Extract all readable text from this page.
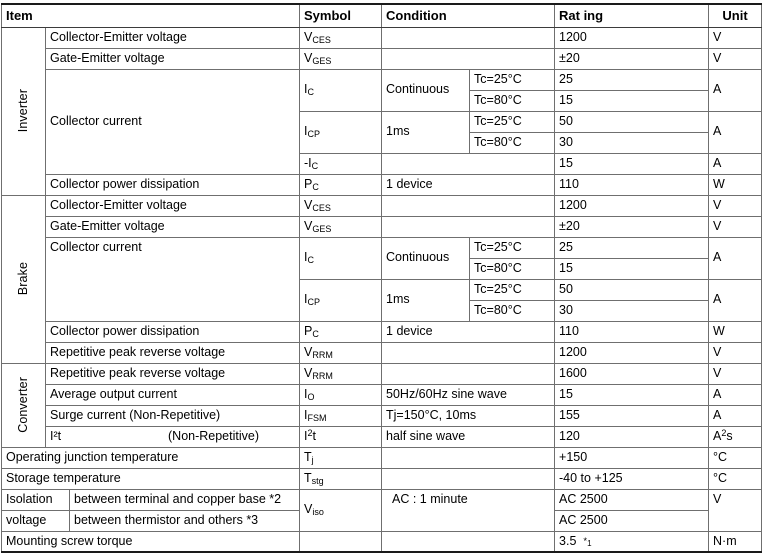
Item			Symbol	Condition		Rat ing	Unit

Inverter	Collector-Emitter voltage		$V_{CES}$			1200	V
	Gate-Emitter voltage		$V_{GES}$			±20	V
	Collector current		$I_C$	Continuous	Tc=25°C	25	A
					Tc=80°C	15	
			$I_{CP}$	1ms	Tc=25°C	50	A
					Tc=80°C	30	
			$-I_C$			15	A
	Collector power dissipation		$P_C$	1 device		110	W

Brake	Collector-Emitter voltage		$V_{CES}$			1200	V
	Gate-Emitter voltage		$V_{GES}$			±20	V
	Collector current		$I_C$	Continuous	Tc=25°C	25	A
					Tc=80°C	15	
			$I_{CP}$	1ms	Tc=25°C	50	A
					Tc=80°C	30	
	Collector power dissipation		$P_C$	1 device		110	W
	Repetitive peak reverse voltage		$V_{RRM}$			1200	V

Converter	Repetitive peak reverse voltage		$V_{RRM}$			1600	V
	Average output current		$I_O$	50Hz/60Hz sine wave		15	A
	Surge current (Non-Repetitive)		$I_{FSM}$	Tj=150°C, 10ms		155	A
	I²t (Non-Repetitive)		$I^2t$	half sine wave		120	$A^2s$
Operating junction temperature			$T_j$			+150	°C
Storage temperature			$T_{stg}$			-40 to +125	°C
Isolation		between terminal and copper base *2	$V_{iso}$	AC : 1 minute		AC 2500	V
voltage		between thermistor and others *3				AC 2500	
Mounting screw torque						3.5 $*_1$	N·m
